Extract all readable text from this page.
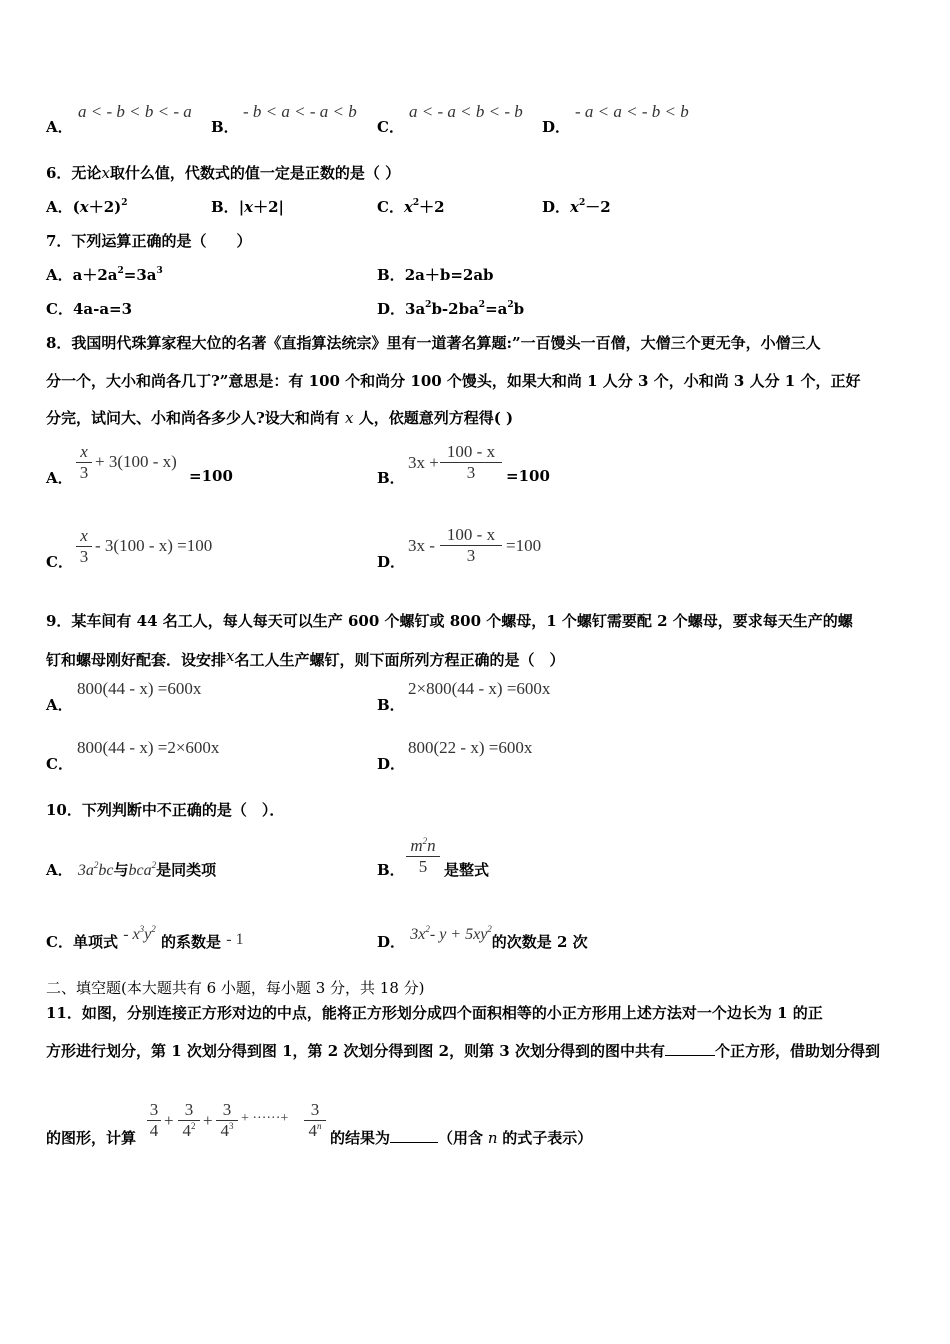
A．
a < - b < b < - a
B．
- b < a < - a < b
C．
a < - a < b < - b
D．
- a < a < - b < b
6．无论x取什么值，代数式的值一定是正数的是（ ）
A．$(x+2)^2$	B．|x＋2|	C．$x^2+2$	D．$x^2-2$
7．下列运算正确的是（　　）
A．$a+2a^2=3a^3$	B．2a＋b=2ab
C．4a-a=3	D．$3a^2b-2ba^2=a^2b$
8．我国明代珠算家程大位的名著《直指算法统宗》里有一道著名算题:”一百馒头一百僧，大僧三个更无争，小僧三人
分一个，大小和尚各几丁?”意思是：有 100 个和尚分 100 个馒头，如果大和尚 1 人分 3 个，小和尚 3 人分 1 个，正好
分完，试问大、小和尚各多少人?设大和尚有 x 人，依题意列方程得( )
A． $\frac{x}{3} + 3(100 - x)$
=100	B．
$3x + \frac{100 - x}{3} =100$
C． $\frac{x}{3} - 3(100 - x) =100$
D．
$3x - \frac{100 - x}{3} =100$
9．某车间有 44 名工人，每人每天可以生产 600 个螺钉或 800 个螺母，1 个螺钉需要配 2 个螺母，要求每天生产的螺
钉和螺母刚好配套．设安排x名工人生产螺钉，则下面所列方程正确的是（　）
A．
800(44 - x) =600x
B．
2×800(44 - x) =600x
C．
800(44 - x) =2×600x
D．
800(22 - x) =600x
10．下列判断中不正确的是（　）．
A． $3a^2bc$与bca$^2$是同类项	B． $\frac{m^2n}{5}$ 是整式
C．单项式 - $x^3y^2$ 的系数是 - 1	D． $3x^2-$ $y + 5xy^2$的次数是 2 次
二、填空题(本大题共有 6 小题，每小题 3 分，共 18 分)
11．如图，分别连接正方形对边的中点，能将正方形划分成四个面积相等的小正方形用上述方法对一个边长为 1 的正
方形进行划分，第 1 次划分得到图 1，第 2 次划分得到图 2，则第 3 次划分得到的图中共有	个正方形，借助划分得到
的图形，计算 $\frac{3}{4} + \frac{3}{4^2} + \frac{3}{4^3}$ + ······+ $\frac{3}{4^n}$ 的结果为	（用含 n 的式子表示）
